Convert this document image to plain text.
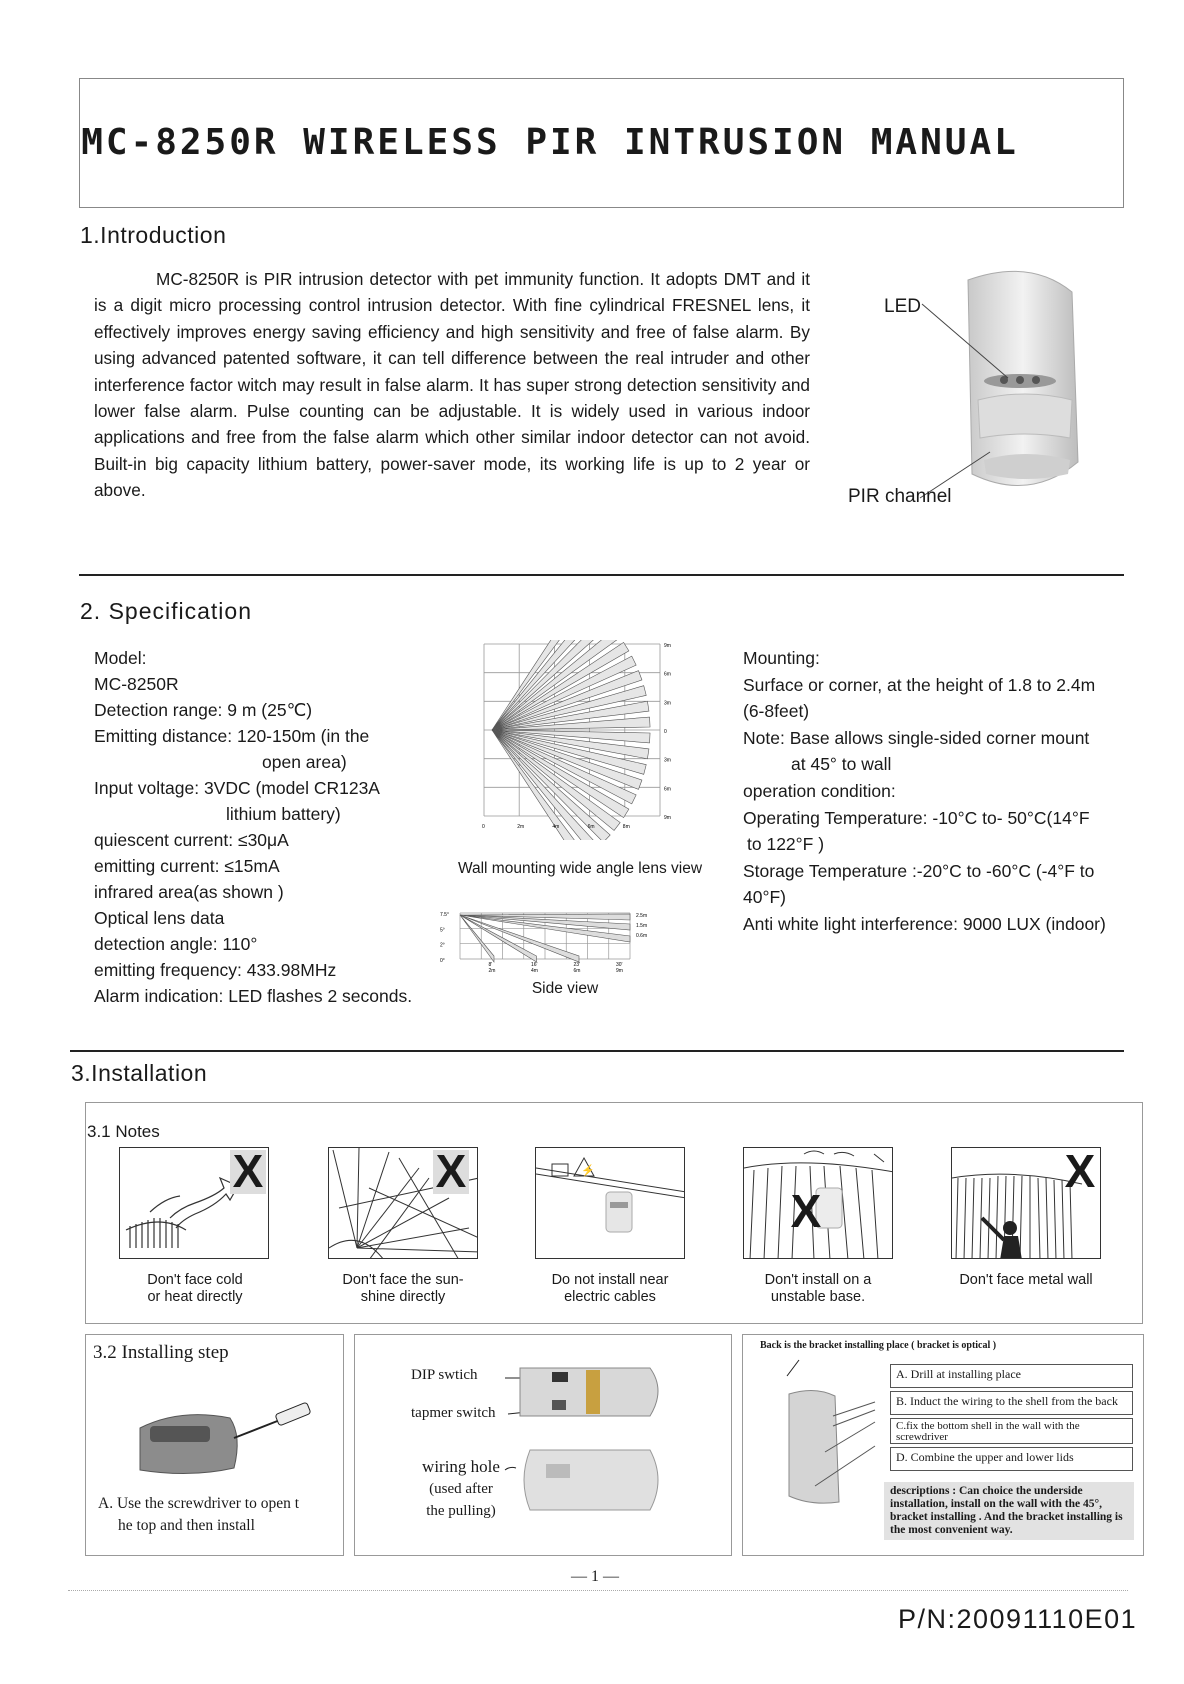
MC-8250R WIRELESS PIR INTRUSION MANUAL
1.Introduction
MC-8250R is PIR intrusion detector with pet immunity function. It adopts DMT and it is a digit micro processing control intrusion detector. With fine cylindrical FRESNEL lens, it effectively improves energy saving efficiency and high sensitivity and free of false alarm. By using advanced patented software, it can tell difference between the real intruder and other interference factor witch may result in false alarm. It has super strong detection sensitivity and lower false alarm. Pulse counting can be adjustable. It is widely used in various indoor applications and free from the false alarm which other similar indoor detector can not avoid. Built-in big capacity lithium battery, power-saver mode, its working life is up to 2 year or above.
LED
PIR channel
2. Specification
Model:
MC-8250R
Detection range: 9 m (25℃)
Emitting distance: 120-150m (in the
open area)
Input voltage: 3VDC (model CR123A
lithium battery)
quiescent current: ≤30μA
emitting current: ≤15mA
infrared area(as shown )
Optical lens data
detection angle: 110°
emitting frequency: 433.98MHz
Alarm indication: LED flashes 2 seconds.
9m
6m
3m
0
3m
6m
9m
0	2m	4m	6m	8m
Wall mounting wide angle lens view
7.5°
5°
2°
0°
2.5m
1.5m
0.6m
8'	16'	23'	30'
2m	4m	6m	9m
Side view
Mounting:
Surface or corner, at the height of 1.8 to 2.4m
(6-8feet)
Note: Base allows single-sided corner mount
at 45° to wall
operation condition:
Operating Temperature: -10°C to- 50°C(14°F
to 122°F )
Storage Temperature :-20°C to -60°C (-4°F to
40°F)
Anti white light interference: 9000 LUX (indoor)
3.Installation
3.1 Notes
X	X	⚡
X
X
Don't face cold
or heat directly
Don't face the sun-
shine directly
Do not install near
electric cables
Don't install on a
unstable base.
Don't face metal wall
3.2 Installing step
A. Use the screwdriver to open t
he top and then install
DIP swtich
tapmer switch
wiring hole
(used after
the pulling)
Back is the bracket installing place ( bracket is optical )
A. Drill at installing place
B. Induct the wiring to the shell from the back
C.fix the bottom shell in the wall with the screwdriver
D. Combine the upper and lower lids
descriptions : Can choice the underside installation, install on the wall with the 45°, bracket installing . And the bracket installing is the most convenient way.
— 1 —
P/N:20091110E01
